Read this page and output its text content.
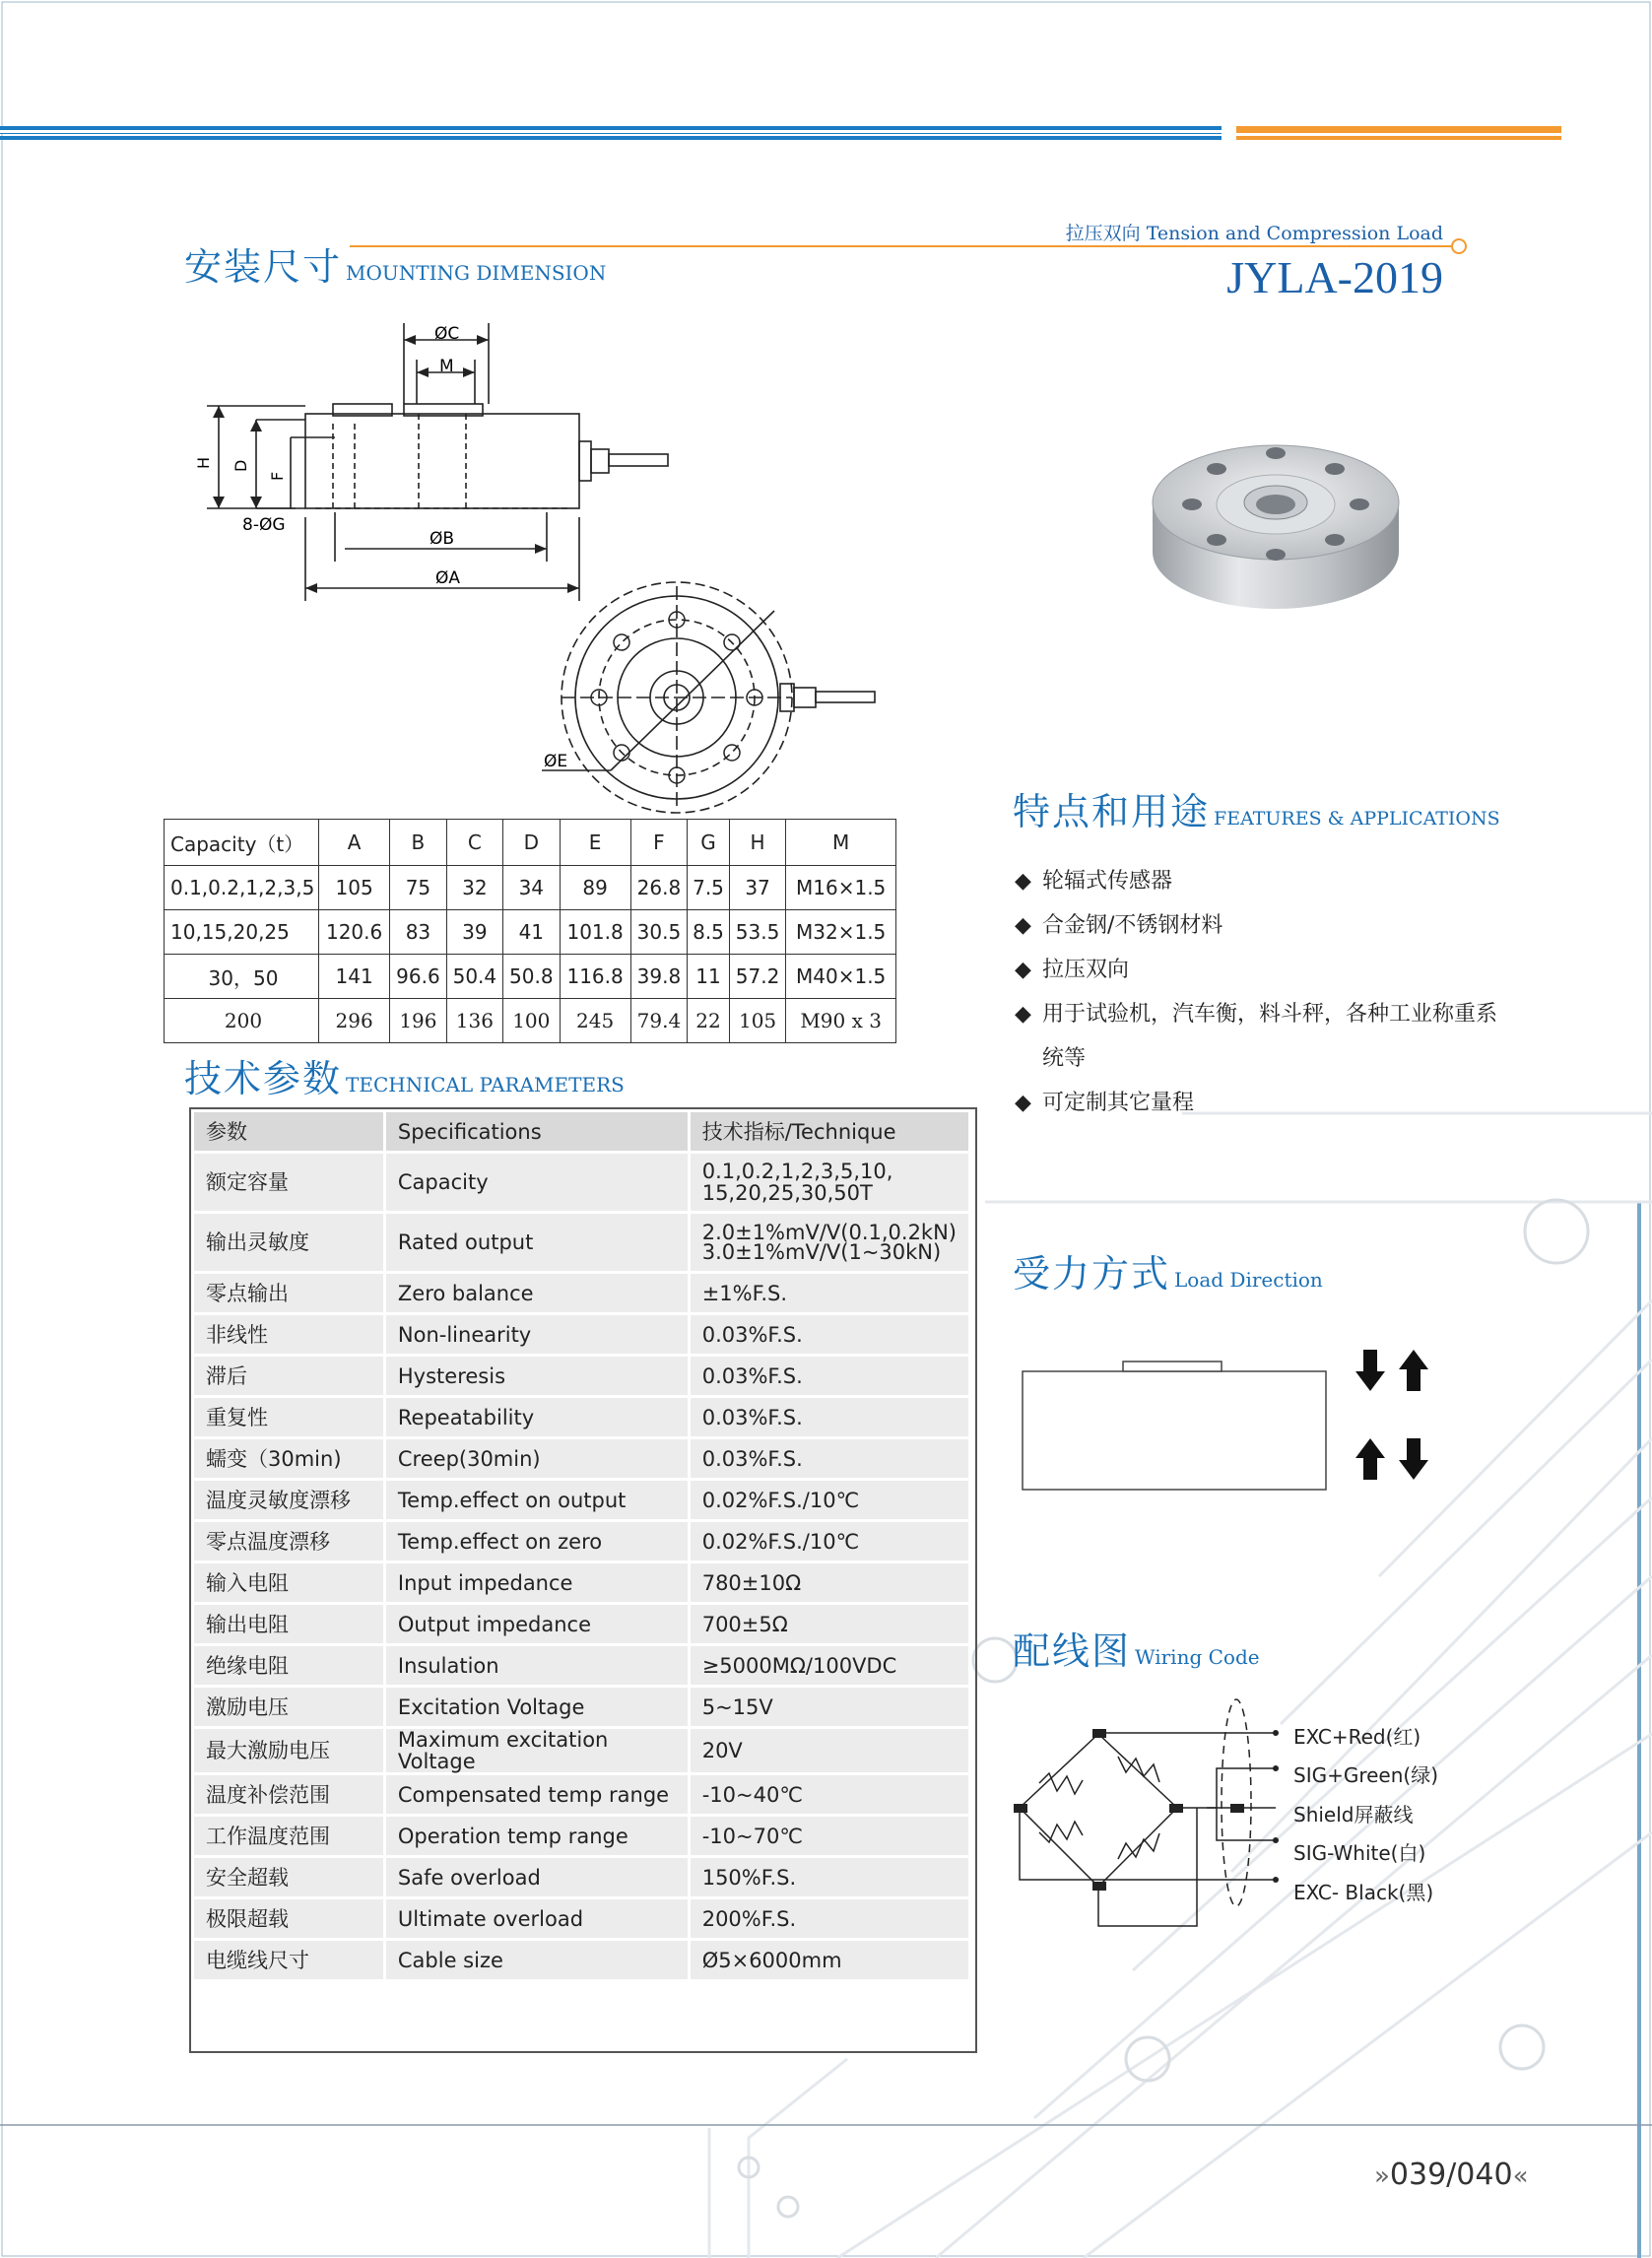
安装尺寸 MOUNTING DIMENSION
拉压双向 Tension and Compression Load
JYLA-2019
ØC
M
H D
F
8-ØG
ØB
ØA
ØE
Capacity（t）	A	B	C	D	E	F	G	H	M
0.1,0.2,1,2,3,5	105	75	32	34	89	26.8	7.5	37	M16×1.5
10,15,20,25	120.6	83	39	41	101.8	30.5	8.5	53.5	M32×1.5
30，50	141	96.6	50.4	50.8	116.8	39.8	11	57.2	M40×1.5
200	296	196	136	100	245	79.4	22	105	M90 x 3
技术参数 TECHNICAL PARAMETERS
参数	Specifications	技术指标/Technique
额定容量	Capacity	0.1,0.2,1,2,3,5,10,
15,20,25,30,50T

输出灵敏度	Rated output	2.0±1%mV/V(0.1,0.2kN)
3.0±1%mV/V(1~30kN)

零点输出	Zero balance	±1%F.S.
非线性	Non-linearity	0.03%F.S.
滞后	Hysteresis	0.03%F.S.
重复性	Repeatability	0.03%F.S.
蠕变（30min)	Creep(30min)	0.03%F.S.
温度灵敏度漂移	Temp.effect on output	0.02%F.S./10℃
零点温度漂移	Temp.effect on zero	0.02%F.S./10℃
输入电阻	Input impedance	780±10Ω
输出电阻	Output impedance	700±5Ω
绝缘电阻	Insulation	≥5000MΩ/100VDC
激励电压	Excitation Voltage	5~15V
最大激励电压	Maximum excitation Voltage	20V
温度补偿范围	Compensated temp range	-10~40℃
工作温度范围	Operation temp range	-10~70℃
安全超载	Safe overload	150%F.S.
极限超载	Ultimate overload	200%F.S.
电缆线尺寸	Cable size	Ø5×6000mm
特点和用途 FEATURES & APPLICATIONS
◆ 轮辐式传感器
◆ 合金钢/不锈钢材料
◆ 拉压双向
◆ 用于试验机，汽车衡，料斗秤，各种工业称重系
统等
◆ 可定制其它量程
受力方式 Load Direction
配线图 Wiring Code
EXC+Red(红)
SIG+Green(绿)
Shield屏蔽线
SIG-White(白)
EXC- Black(黑)
»039/040«
